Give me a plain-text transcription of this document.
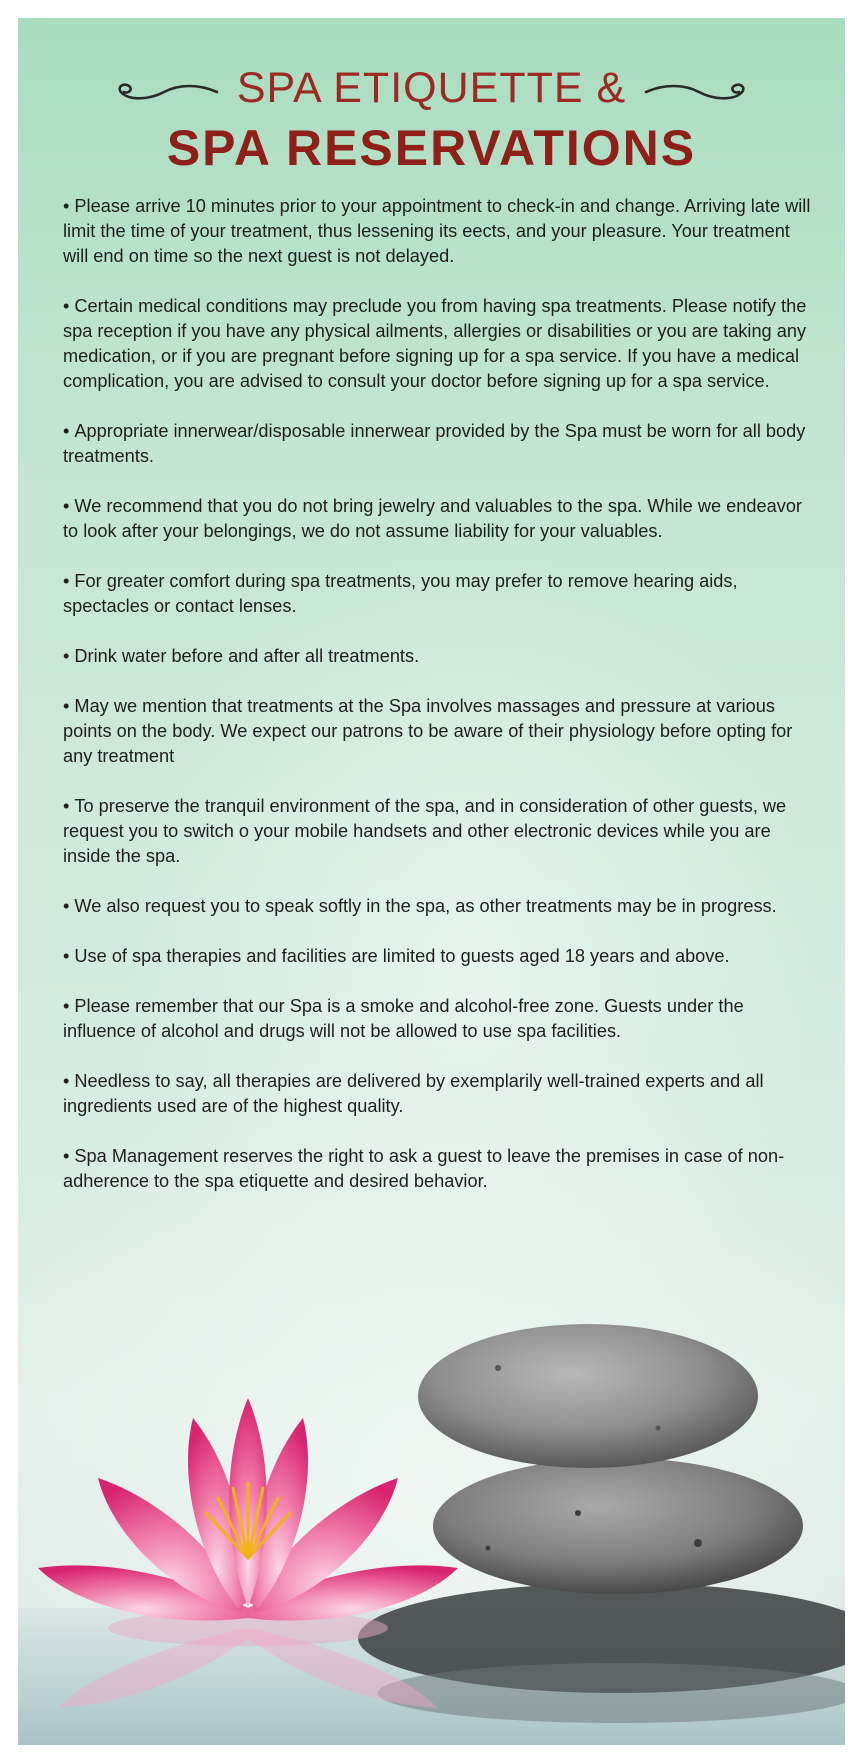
SPA ETIQUETTE &
SPA RESERVATIONS
• Please arrive 10 minutes prior to your appointment to check-in and change. Arriving late will limit the time of your treatment, thus lessening its eects, and your pleasure. Your treatment will end on time so the next guest is not delayed.
• Certain medical conditions may preclude you from having spa treatments. Please notify the spa reception if you have any physical ailments, allergies or disabilities or you are taking any medication, or if you are pregnant before signing up for a spa service. If you have a medical complication, you are advised to consult your doctor before signing up for a spa service.
• Appropriate innerwear/disposable innerwear provided by the Spa must be worn for all body treatments.
• We recommend that you do not bring jewelry and valuables to the spa. While we endeavor to look after your belongings, we do not assume liability for your valuables.
• For greater comfort during spa treatments, you may prefer to remove hearing aids, spectacles or contact lenses.
• Drink water before and after all treatments.
• May we mention that treatments at the Spa involves massages and pressure at various points on the body. We expect our patrons to be aware of their physiology before opting for any treatment
• To preserve the tranquil environment of the spa, and in consideration of other guests, we request you to switch o your mobile handsets and other electronic devices while you are inside the spa.
• We also request you to speak softly in the spa, as other treatments may be in progress.
• Use of spa therapies and facilities are limited to guests aged 18 years and above.
• Please remember that our Spa is a smoke and alcohol-free zone. Guests under the influence of alcohol and drugs will not be allowed to use spa facilities.
• Needless to say, all therapies are delivered by exemplarily well-trained experts and all ingredients used are of the highest quality.
• Spa Management reserves the right to ask a guest to leave the premises in case of non-adherence to the spa etiquette and desired behavior.
